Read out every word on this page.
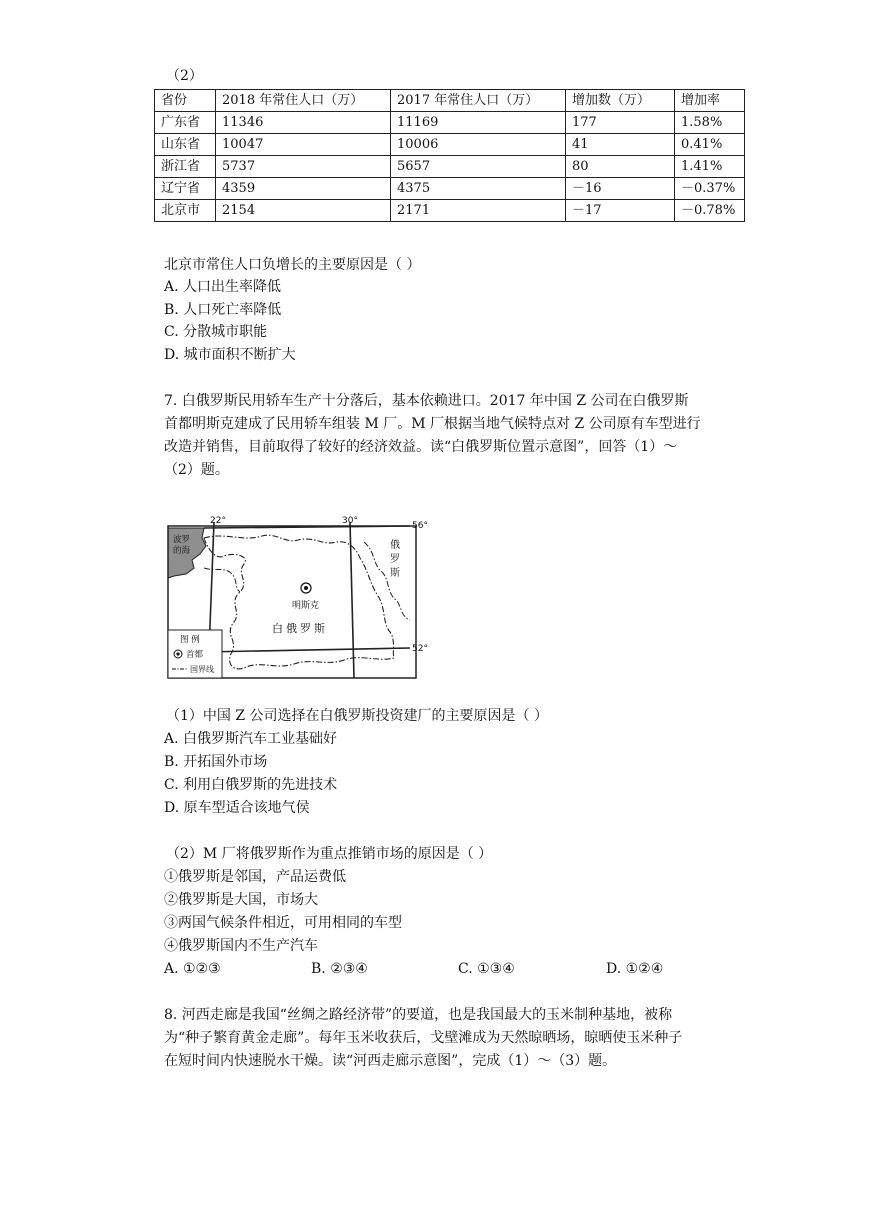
（2）
省份	2018 年常住人口（万）	2017 年常住人口（万）	增加数（万）	增加率
广东省	11346	11169	177	1.58%
山东省	10047	10006	41	0.41%
浙江省	5737	5657	80	1.41%
辽宁省	4359	4375	－16	－0.37%
北京市	2154	2171	－17	－0.78%
北京市常住人口负增长的主要原因是（ ）
A. 人口出生率降低
B. 人口死亡率降低
C. 分散城市职能
D. 城市面积不断扩大
7. 白俄罗斯民用轿车生产十分落后，基本依赖进口。2017 年中国 Z 公司在白俄罗斯
首都明斯克建成了民用轿车组装 M 厂。M 厂根据当地气候特点对 Z 公司原有车型进行
改造并销售，目前取得了较好的经济效益。读“白俄罗斯位置示意图”，回答（1）～
（2）题。
22°	30°	56°
52°
波罗
的海	俄
罗
斯
明斯克
白俄罗斯
图 例
首都
国界线
（1）中国 Z 公司选择在白俄罗斯投资建厂的主要原因是（ ）
A. 白俄罗斯汽车工业基础好
B. 开拓国外市场
C. 利用白俄罗斯的先进技术
D. 原车型适合该地气侯
（2）M 厂将俄罗斯作为重点推销市场的原因是（ ）
①俄罗斯是邻国，产品运费低
②俄罗斯是大国，市场大
③两国气候条件相近，可用相同的车型
④俄罗斯国内不生产汽车
A. ①②③	B. ②③④	C. ①③④	D. ①②④
8. 河西走廊是我国“丝绸之路经济带”的要道，也是我国最大的玉米制种基地，被称
为“种子繁育黄金走廊”。每年玉米收获后，戈壁滩成为天然晾晒场，晾晒使玉米种子
在短时间内快速脱水干燥。读“河西走廊示意图”，完成（1）～（3）题。
